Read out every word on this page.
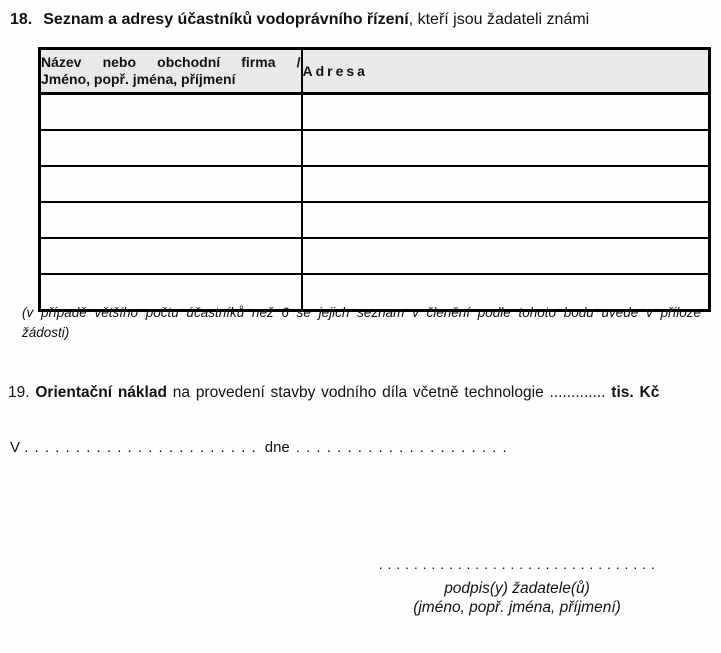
18. Seznam a adresy účastníků vodoprávního řízení, kteří jsou žadateli známi
Název nebo obchodní firma /
Jméno, popř. jména, příjmení	Adresa

(v případě většího počtu účastníků než 6 se jejich seznam v členění podle tohoto bodu uvede v příloze žádosti)
19. Orientační náklad na provedení stavby vodního díla včetně technologie ............. tis. Kč
V . . . . . . . . . . . . . . . . . . . . . . . dne . . . . . . . . . . . . . . . . . . . . .
. . . . . . . . . . . . . . . . . . . . . . . . . . . . . . . .
podpis(y) žadatele(ů)
(jméno, popř. jména, příjmení)
